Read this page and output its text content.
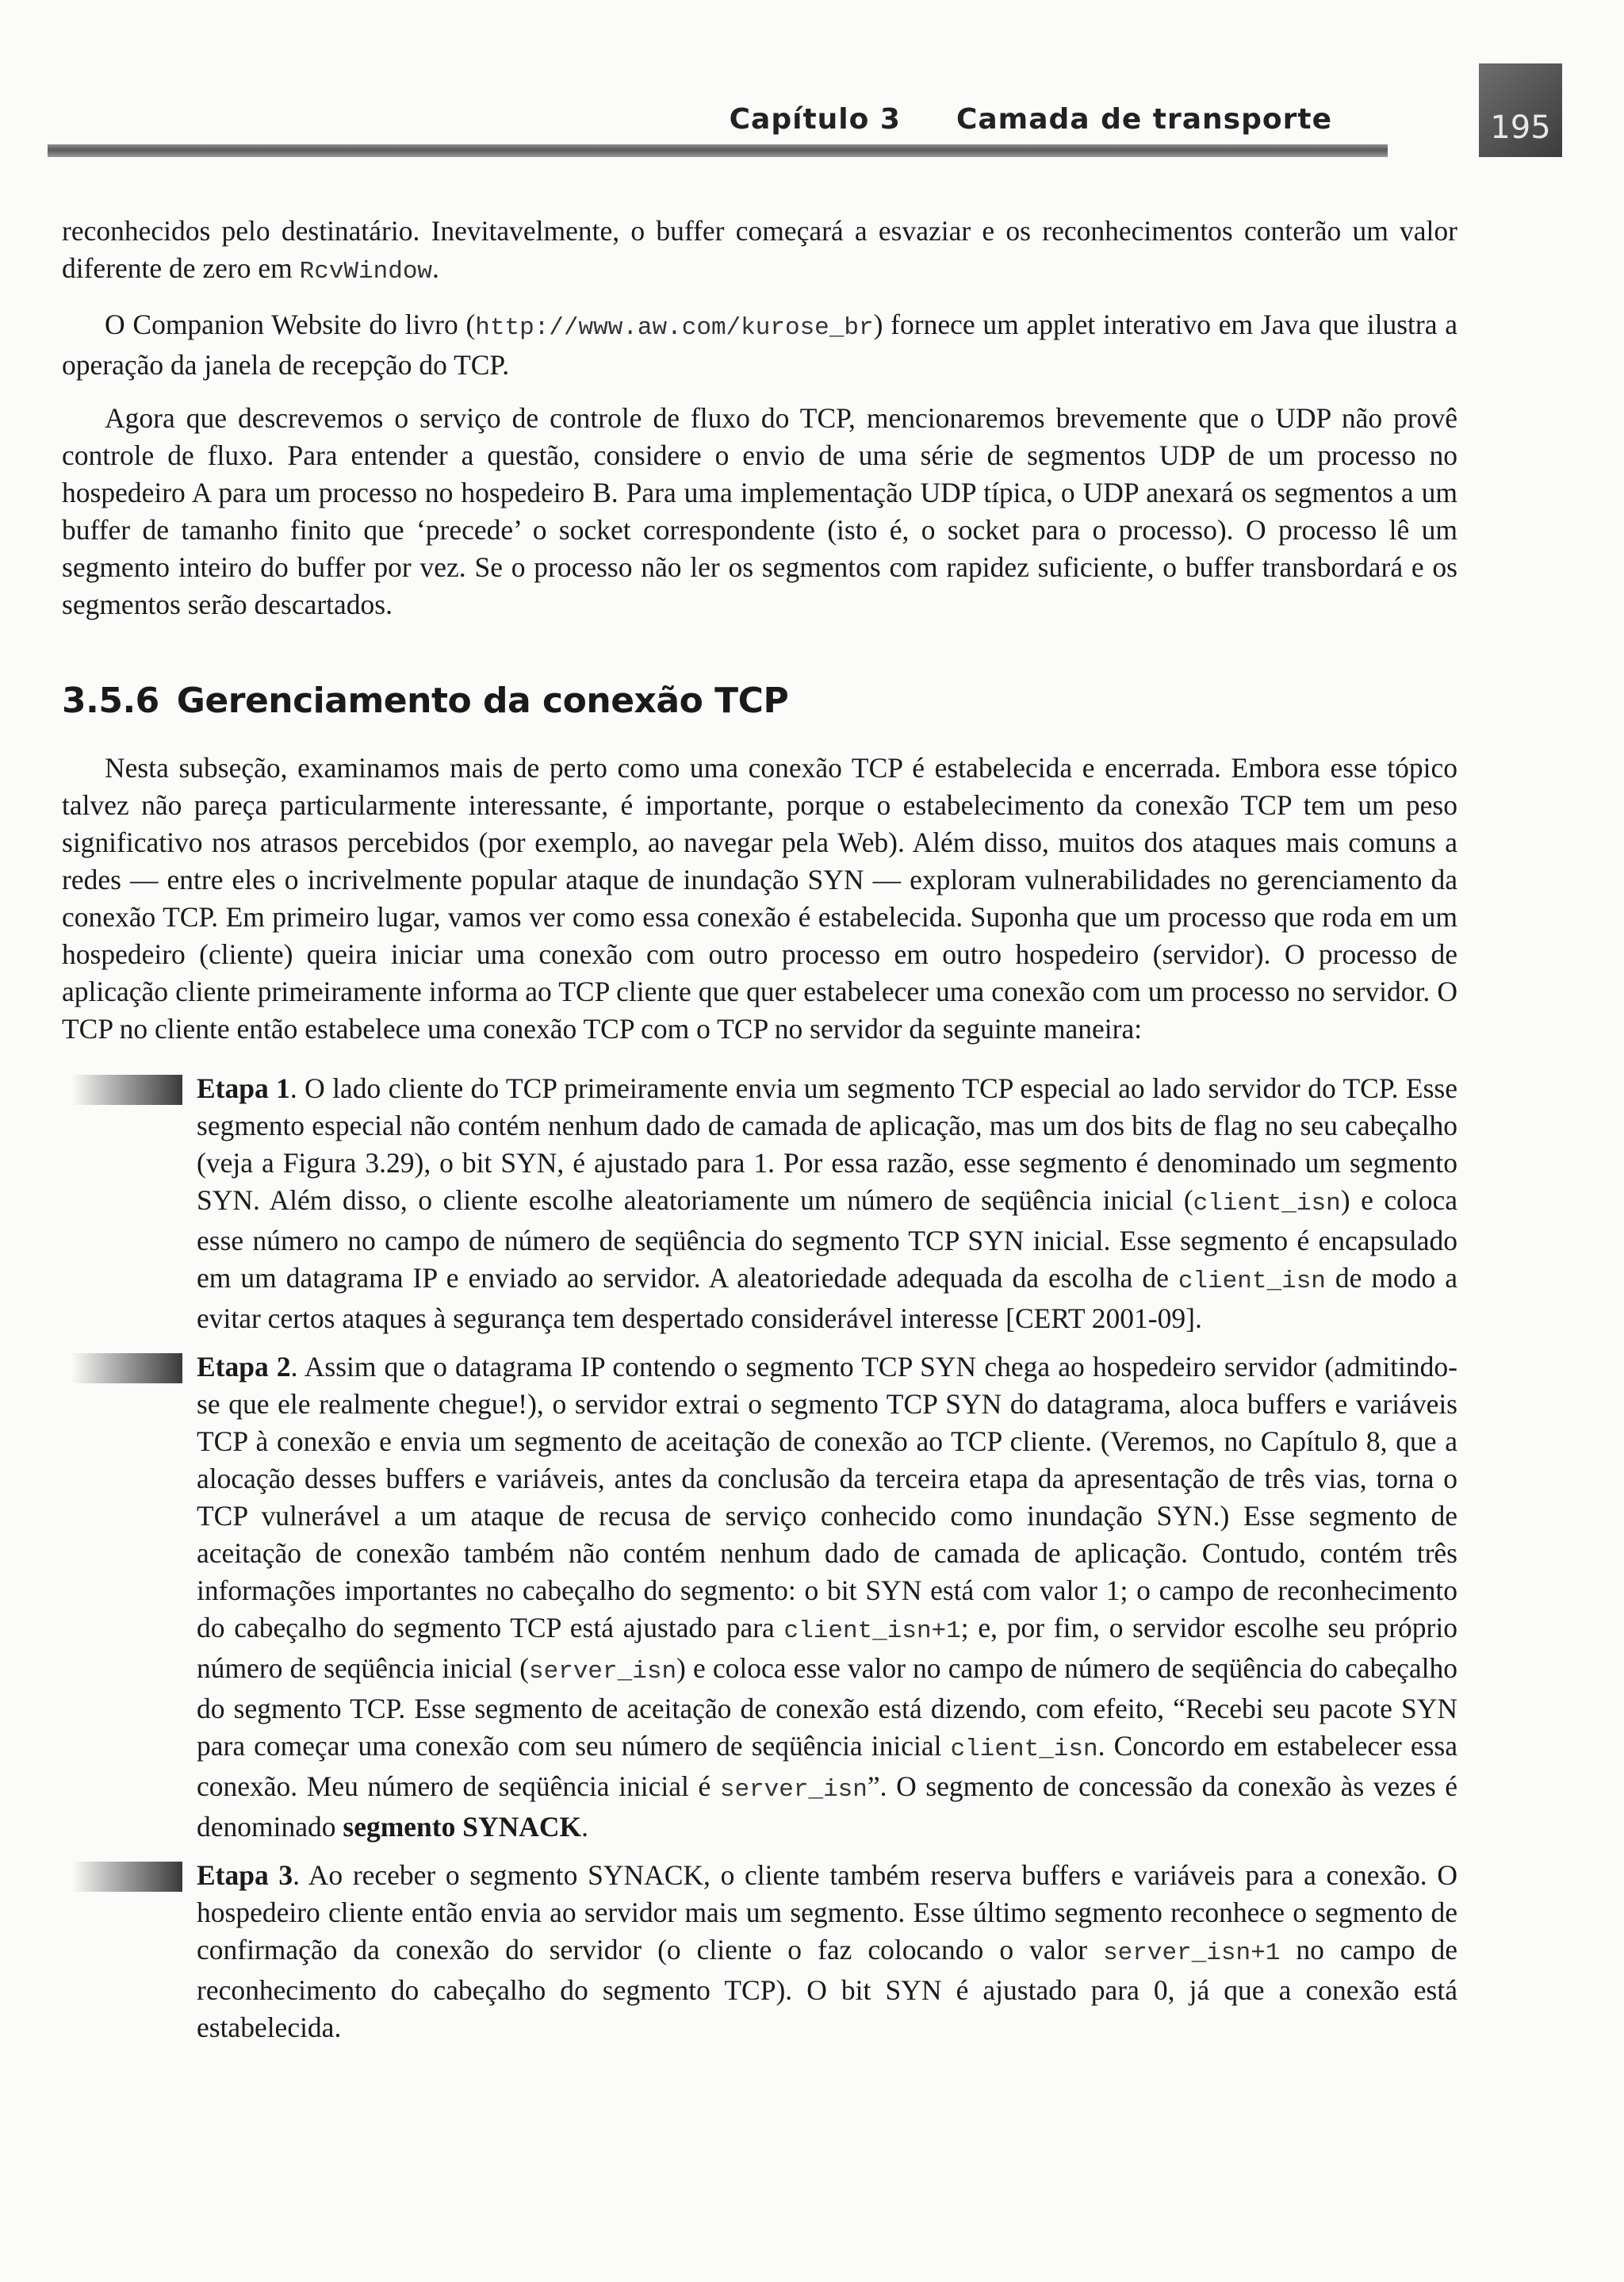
Capítulo 3 Camada de transporte	195

reconhecidos pelo destinatário. Inevitavelmente, o buffer começará a esvaziar e os reconhecimentos conterão um valor diferente de zero em RcvWindow.

O Companion Website do livro (http://www.aw.com/kurose_br) fornece um applet interativo em Java que ilustra a operação da janela de recepção do TCP.

Agora que descrevemos o serviço de controle de fluxo do TCP, mencionaremos brevemente que o UDP não provê controle de fluxo. Para entender a questão, considere o envio de uma série de segmentos UDP de um processo no hospedeiro A para um processo no hospedeiro B. Para uma implementação UDP típica, o UDP anexará os segmentos a um buffer de tamanho finito que ‘precede’ o socket correspondente (isto é, o socket para o processo). O processo lê um segmento inteiro do buffer por vez. Se o processo não ler os segmentos com rapidez suficiente, o buffer transbordará e os segmentos serão descartados.

3.5.6 Gerenciamento da conexão TCP

Nesta subseção, examinamos mais de perto como uma conexão TCP é estabelecida e encerrada. Embora esse tópico talvez não pareça particularmente interessante, é importante, porque o estabelecimento da conexão TCP tem um peso significativo nos atrasos percebidos (por exemplo, ao navegar pela Web). Além disso, muitos dos ataques mais comuns a redes — entre eles o incrivelmente popular ataque de inundação SYN — exploram vulnerabilidades no gerenciamento da conexão TCP. Em primeiro lugar, vamos ver como essa conexão é estabelecida. Suponha que um processo que roda em um hospedeiro (cliente) queira iniciar uma conexão com outro processo em outro hospedeiro (servidor). O processo de aplicação cliente primeiramente informa ao TCP cliente que quer estabelecer uma conexão com um processo no servidor. O TCP no cliente então estabelece uma conexão TCP com o TCP no servidor da seguinte maneira:

Etapa 1. O lado cliente do TCP primeiramente envia um segmento TCP especial ao lado servidor do TCP. Esse segmento especial não contém nenhum dado de camada de aplicação, mas um dos bits de flag no seu cabeçalho (veja a Figura 3.29), o bit SYN, é ajustado para 1. Por essa razão, esse segmento é denominado um segmento SYN. Além disso, o cliente escolhe aleatoriamente um número de seqüência inicial (client_isn) e coloca esse número no campo de número de seqüência do segmento TCP SYN inicial. Esse segmento é encapsulado em um datagrama IP e enviado ao servidor. A aleatoriedade adequada da escolha de client_isn de modo a evitar certos ataques à segurança tem despertado considerável interesse [CERT 2001-09].
Etapa 2. Assim que o datagrama IP contendo o segmento TCP SYN chega ao hospedeiro servidor (admitindo-se que ele realmente chegue!), o servidor extrai o segmento TCP SYN do datagrama, aloca buffers e variáveis TCP à conexão e envia um segmento de aceitação de conexão ao TCP cliente. (Veremos, no Capítulo 8, que a alocação desses buffers e variáveis, antes da conclusão da terceira etapa da apresentação de três vias, torna o TCP vulnerável a um ataque de recusa de serviço conhecido como inundação SYN.) Esse segmento de aceitação de conexão também não contém nenhum dado de camada de aplicação. Contudo, contém três informações importantes no cabeçalho do segmento: o bit SYN está com valor 1; o campo de reconhecimento do cabeçalho do segmento TCP está ajustado para client_isn+1; e, por fim, o servidor escolhe seu próprio número de seqüência inicial (server_isn) e coloca esse valor no campo de número de seqüência do cabeçalho do segmento TCP. Esse segmento de aceitação de conexão está dizendo, com efeito, “Recebi seu pacote SYN para começar uma conexão com seu número de seqüência inicial client_isn. Concordo em estabelecer essa conexão. Meu número de seqüência inicial é server_isn”. O segmento de concessão da conexão às vezes é denominado segmento SYNACK.
Etapa 3. Ao receber o segmento SYNACK, o cliente também reserva buffers e variáveis para a conexão. O hospedeiro cliente então envia ao servidor mais um segmento. Esse último segmento reconhece o segmento de confirmação da conexão do servidor (o cliente o faz colocando o valor server_isn+1 no campo de reconhecimento do cabeçalho do segmento TCP). O bit SYN é ajustado para 0, já que a conexão está estabelecida.
